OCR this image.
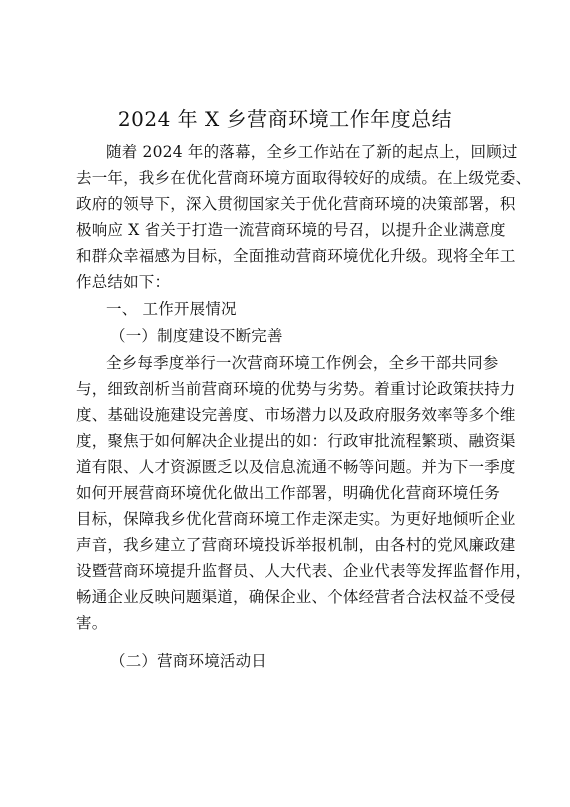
2024 年 X 乡营商环境工作年度总结
随着 2024 年的落幕，全乡工作站在了新的起点上，回顾过
去一年，我乡在优化营商环境方面取得较好的成绩。在上级党委、
政府的领导下，深入贯彻国家关于优化营商环境的决策部署，积
极响应 X 省关于打造一流营商环境的号召，以提升企业满意度
和群众幸福感为目标，全面推动营商环境优化升级。现将全年工
作总结如下：
一、 工作开展情况
（一）制度建设不断完善
全乡每季度举行一次营商环境工作例会，全乡干部共同参
与，细致剖析当前营商环境的优势与劣势。着重讨论政策扶持力
度、基础设施建设完善度、市场潜力以及政府服务效率等多个维
度，聚焦于如何解决企业提出的如：行政审批流程繁琐、融资渠
道有限、人才资源匮乏以及信息流通不畅等问题。并为下一季度
如何开展营商环境优化做出工作部署，明确优化营商环境任务
目标，保障我乡优化营商环境工作走深走实。为更好地倾听企业
声音，我乡建立了营商环境投诉举报机制，由各村的党风廉政建
设暨营商环境提升监督员、人大代表、企业代表等发挥监督作用，
畅通企业反映问题渠道，确保企业、个体经营者合法权益不受侵
害。
（二）营商环境活动日
